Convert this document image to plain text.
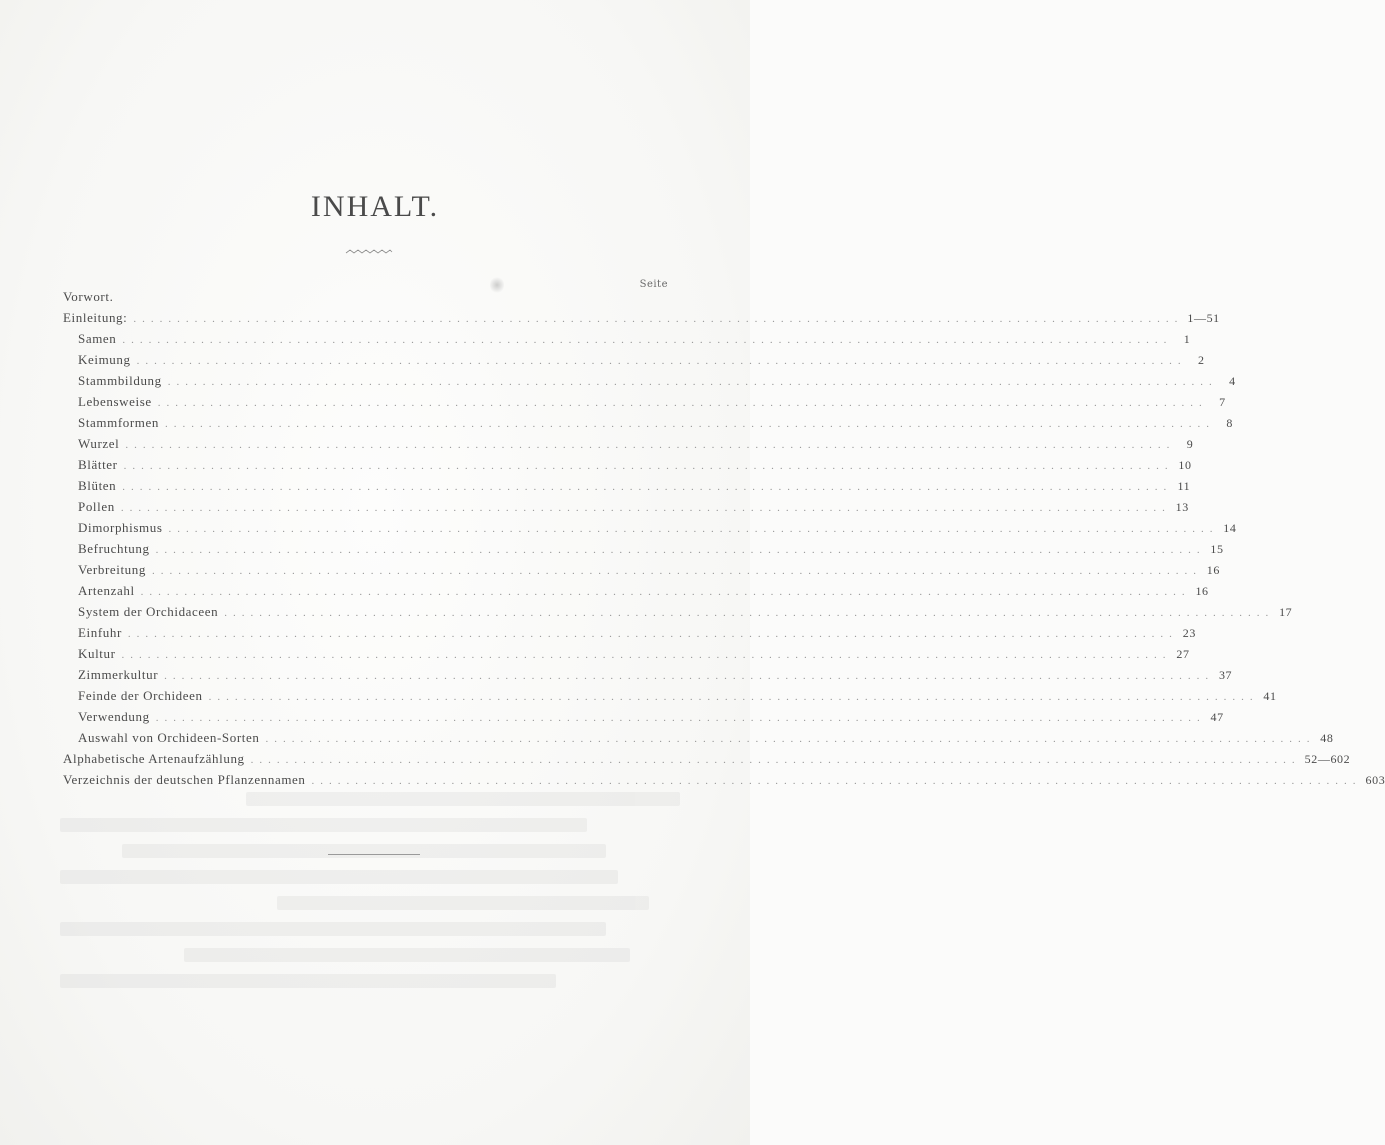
INHALT.
Seite
Vorwort.
Einleitung: ........................................................................................................................ 1—51
Samen ........................................................................................................................ 1
Keimung ........................................................................................................................ 2
Stammbildung ........................................................................................................................ 4
Lebensweise ........................................................................................................................ 7
Stammformen ........................................................................................................................ 8
Wurzel ........................................................................................................................ 9
Blätter ........................................................................................................................ 10
Blüten ........................................................................................................................ 11
Pollen ........................................................................................................................ 13
Dimorphismus ........................................................................................................................ 14
Befruchtung ........................................................................................................................ 15
Verbreitung ........................................................................................................................ 16
Artenzahl ........................................................................................................................ 16
System der Orchidaceen ........................................................................................................................ 17
Einfuhr ........................................................................................................................ 23
Kultur ........................................................................................................................ 27
Zimmerkultur ........................................................................................................................ 37
Feinde der Orchideen ........................................................................................................................ 41
Verwendung ........................................................................................................................ 47
Auswahl von Orchideen-Sorten ........................................................................................................................ 48
Alphabetische Artenaufzählung ........................................................................................................................ 52—602
Verzeichnis der deutschen Pflanzennamen ........................................................................................................................ 603
